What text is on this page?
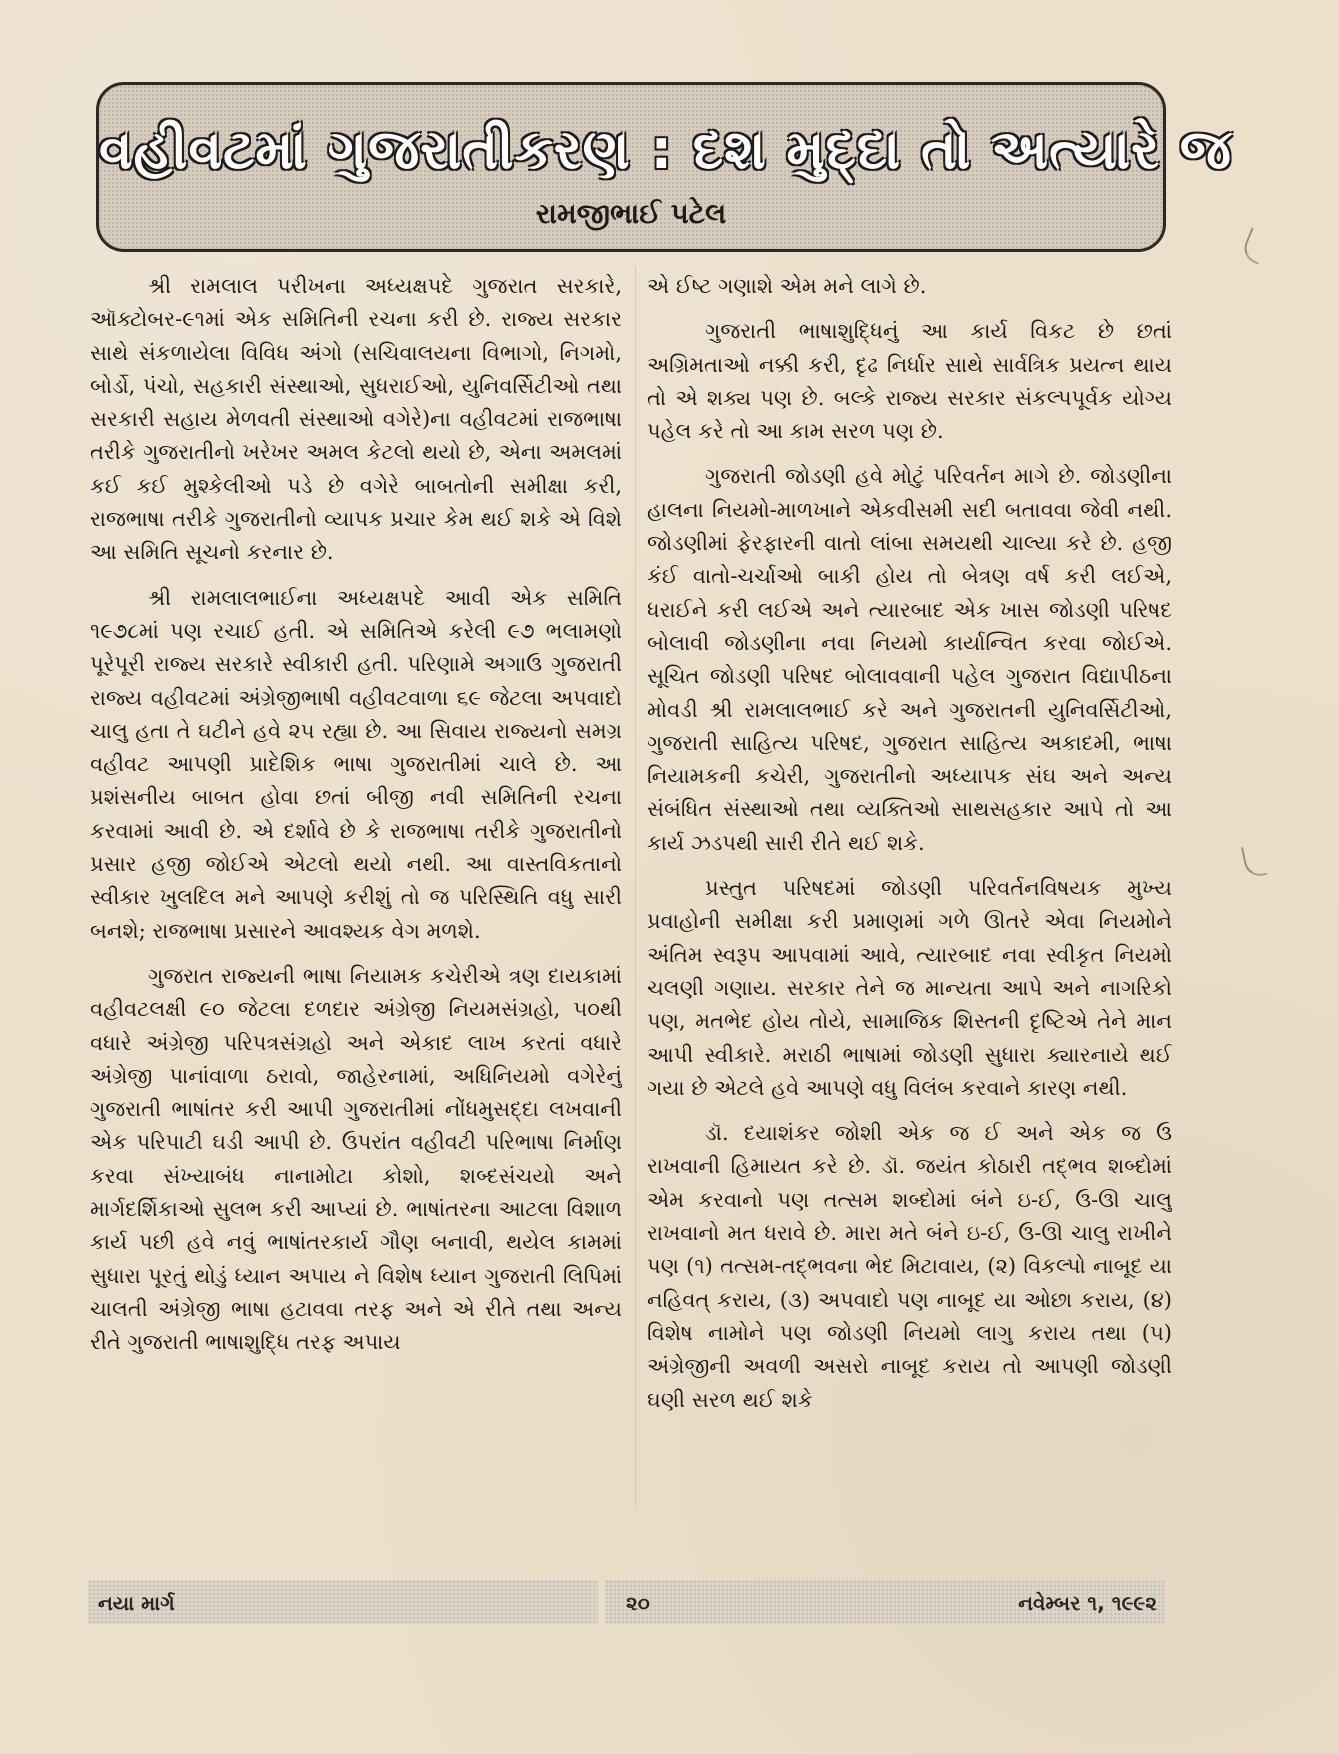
વહીવટમાં ગુજરાતીકરણ : દશ મુદ્દા તો અત્યારે જ
રામજીભાઈ પટેલ

શ્રી રામલાલ પરીખના અધ્યક્ષપદે ગુજરાત સરકારે, ઑક્ટોબર-૯૧માં એક સમિતિની રચના કરી છે. રાજ્ય સરકાર સાથે સંકળાયેલા વિવિધ અંગો (સચિવાલયના વિભાગો, નિગમો, બોર્ડો, પંચો, સહકારી સંસ્થાઓ, સુધરાઈઓ, યુનિવર્સિટીઓ તથા સરકારી સહાય મેળવતી સંસ્થાઓ વગેરે)ના વહીવટમાં રાજભાષા તરીકે ગુજરાતીનો ખરેખર અમલ કેટલો થયો છે, એના અમલમાં કઈ કઈ મુશ્કેલીઓ પડે છે વગેરે બાબતોની સમીક્ષા કરી, રાજભાષા તરીકે ગુજરાતીનો વ્યાપક પ્રચાર કેમ થઈ શકે એ વિશે આ સમિતિ સૂચનો કરનાર છે.

શ્રી રામલાલભાઈના અધ્યક્ષપદે આવી એક સમિતિ ૧૯૭૮માં પણ રચાઈ હતી. એ સમિતિએ કરેલી ૯૭ ભલામણો પૂરેપૂરી રાજ્ય સરકારે સ્વીકારી હતી. પરિણામે અગાઉ ગુજરાતી રાજ્ય વહીવટમાં અંગ્રેજીભાષી વહીવટવાળા ૬૯ જેટલા અપવાદો ચાલુ હતા તે ઘટીને હવે ૨૫ રહ્યા છે. આ સિવાય રાજ્યનો સમગ્ર વહીવટ આપણી પ્રાદેશિક ભાષા ગુજરાતીમાં ચાલે છે. આ પ્રશંસનીય બાબત હોવા છતાં બીજી નવી સમિતિની રચના કરવામાં આવી છે. એ દર્શાવે છે કે રાજભાષા તરીકે ગુજરાતીનો પ્રસાર હજી જોઈએ એટલો થયો નથી. આ વાસ્તવિકતાનો સ્વીકાર ખુલદિલ મને આપણે કરીશું તો જ પરિસ્થિતિ વધુ સારી બનશે; રાજભાષા પ્રસારને આવશ્યક વેગ મળશે.

ગુજરાત રાજ્યની ભાષા નિયામક કચેરીએ ત્રણ દાયકામાં વહીવટલક્ષી ૯૦ જેટલા દળદાર અંગ્રેજી નિયમસંગ્રહો, ૫૦થી વધારે અંગ્રેજી પરિપત્રસંગ્રહો અને એકાદ લાખ કરતાં વધારે અંગ્રેજી પાનાંવાળા ઠરાવો, જાહેરનામાં, અધિનિયમો વગેરેનું ગુજરાતી ભાષાંતર કરી આપી ગુજરાતીમાં નોંધમુસદ્દા લખવાની એક પરિપાટી ઘડી આપી છે. ઉપરાંત વહીવટી પરિભાષા નિર્માણ કરવા સંખ્યાબંધ નાનામોટા કોશો, શબ્દસંચયો અને માર્ગદર્શિકાઓ સુલભ કરી આપ્યાં છે. ભાષાંતરના આટલા વિશાળ કાર્ય પછી હવે નવું ભાષાંતરકાર્ય ગૌણ બનાવી, થયેલ કામમાં સુધારા પૂરતું થોડું ધ્યાન અપાય ને વિશેષ ધ્યાન ગુજરાતી લિપિમાં ચાલતી અંગ્રેજી ભાષા હટાવવા તરફ અને એ રીતે તથા અન્ય રીતે ગુજરાતી ભાષાશુદ્ધિ તરફ અપાય

એ ઈષ્ટ ગણાશે એમ મને લાગે છે.

ગુજરાતી ભાષાશુદ્ધિનું આ કાર્ય વિકટ છે છતાં અગ્રિમતાઓ નક્કી કરી, દૃઢ નિર્ધાર સાથે સાર્વત્રિક પ્રયત્ન થાય તો એ શક્ય પણ છે. બલ્કે રાજ્ય સરકાર સંકલ્પપૂર્વક યોગ્ય પહેલ કરે તો આ કામ સરળ પણ છે.

ગુજરાતી જોડણી હવે મોટું પરિવર્તન માગે છે. જોડણીના હાલના નિયમો-માળખાને એકવીસમી સદી બતાવવા જેવી નથી. જોડણીમાં ફેરફારની વાતો લાંબા સમયથી ચાલ્યા કરે છે. હજી કંઈ વાતો-ચર્ચાઓ બાકી હોય તો બેત્રણ વર્ષ કરી લઈએ, ધરાઈને કરી લઈએ અને ત્યારબાદ એક ખાસ જોડણી પરિષદ બોલાવી જોડણીના નવા નિયમો કાર્યાન્વિત કરવા જોઈએ. સૂચિત જોડણી પરિષદ બોલાવવાની પહેલ ગુજરાત વિદ્યાપીઠના મોવડી શ્રી રામલાલભાઈ કરે અને ગુજરાતની યુનિવર્સિટીઓ, ગુજરાતી સાહિત્ય પરિષદ, ગુજરાત સાહિત્ય અકાદમી, ભાષા નિયામકની કચેરી, ગુજરાતીનો અધ્યાપક સંઘ અને અન્ય સંબંધિત સંસ્થાઓ તથા વ્યક્તિઓ સાથસહકાર આપે તો આ કાર્ય ઝડપથી સારી રીતે થઈ શકે.

પ્રસ્તુત પરિષદમાં જોડણી પરિવર્તનવિષયક મુખ્ય પ્રવાહોની સમીક્ષા કરી પ્રમાણમાં ગળે ઊતરે એવા નિયમોને અંતિમ સ્વરૂપ આપવામાં આવે, ત્યારબાદ નવા સ્વીકૃત નિયમો ચલણી ગણાય. સરકાર તેને જ માન્યતા આપે અને નાગરિકો પણ, મતભેદ હોય તોયે, સામાજિક શિસ્તની દૃષ્ટિએ તેને માન આપી સ્વીકારે. મરાઠી ભાષામાં જોડણી સુધારા ક્યારનાયે થઈ ગયા છે એટલે હવે આપણે વધુ વિલંબ કરવાને કારણ નથી.

ડૉ. દયાશંકર જોશી એક જ ઈ અને એક જ ઉ રાખવાની હિમાયત કરે છે. ડૉ. જયંત કોઠારી તદ્ભવ શબ્દોમાં એમ કરવાનો પણ તત્સમ શબ્દોમાં બંને ઇ-ઈ, ઉ-ઊ ચાલુ રાખવાનો મત ધરાવે છે. મારા મતે બંને ઇ-ઈ, ઉ-ઊ ચાલુ રાખીને પણ (૧) તત્સમ-તદ્ભવના ભેદ મિટાવાય, (૨) વિકલ્પો નાબૂદ યા નહિવત્ કરાય, (૩) અપવાદો પણ નાબૂદ યા ઓછા કરાય, (૪) વિશેષ નામોને પણ જોડણી નિયમો લાગુ કરાય તથા (૫) અંગ્રેજીની અવળી અસરો નાબૂદ કરાય તો આપણી જોડણી ઘણી સરળ થઈ શકે

નયા માર્ગ	૨૦	નવેમ્બર ૧, ૧૯૯૨
